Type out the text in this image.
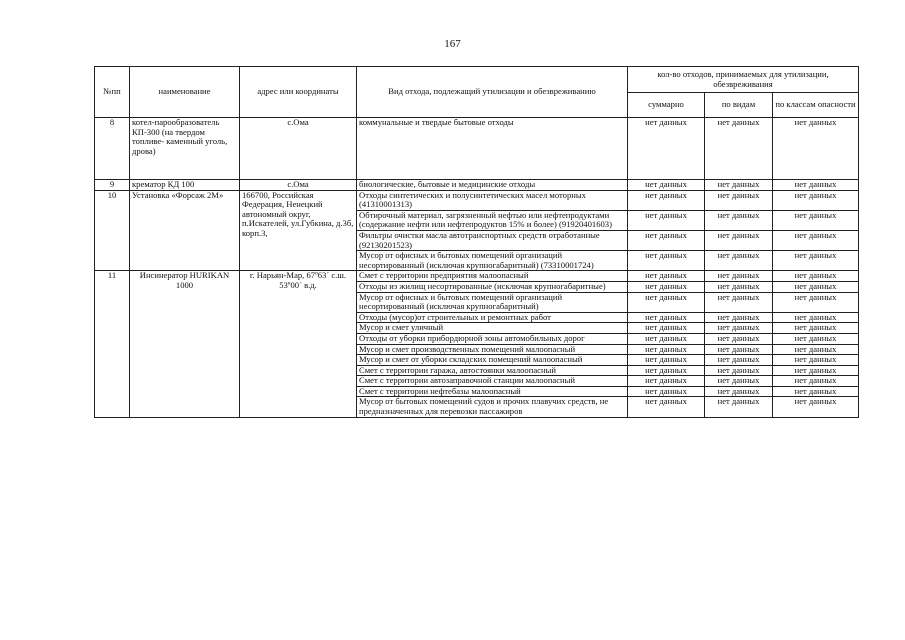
167
№пп	наименование	адрес или координаты	Вид отхода, подлежащий утилизации и обезвреживанию	кол-во отходов, принимаемых для утилизации, обезвреживания		
				суммарно	по видам	по классам опасности
8	котел-парообразователь КП-300 (на твердом топливе- каменный уголь, дрова)	с.Ома	коммунальные и твердые бытовые отходы	нет данных	нет данных	нет данных
9	крематор КД 100	с.Ома	биологические, бытовые и медицинские отходы	нет данных	нет данных	нет данных
10	Установка «Форсаж 2М»	166700, Российская Федерация, Ненецкий автономный округ, п.Искателей, ул.Губкина, д.3б, корп.3,	Отходы синтетических и полусинтетических масел моторных (41310001313)	нет данных	нет данных	нет данных
			Обтирочный материал, загрязненный нефтью или нефтепродуктами (содержание нефти или нефтепродуктов 15% и более) (91920401603)	нет данных	нет данных	нет данных
			Фильтры очистки масла автотранспортных средств отработанные (92130201523)	нет данных	нет данных	нет данных
			Мусор от офисных и бытовых помещений организаций несортированный (исключая крупногабаритный) (73310001724)	нет данных	нет данных	нет данных
11	Инсинератор HURIKAN 1000	г. Нарьян-Мар, 67º63´ с.ш. 53º00´ в.д.	Смет с территории предприятия малоопасный	нет данных	нет данных	нет данных
			Отходы из жилищ несортированные (исключая крупногабаритные)	нет данных	нет данных	нет данных
			Мусор от офисных и бытовых помещений организаций несортированный (исключая крупногабаритный)	нет данных	нет данных	нет данных
			Отходы (мусор)от строительных и ремонтных работ	нет данных	нет данных	нет данных
			Мусор и смет уличный	нет данных	нет данных	нет данных
			Отходы от уборки прибордюрной зоны автомобильных дорог	нет данных	нет данных	нет данных
			Мусор и смет производственных помещений малоопасный	нет данных	нет данных	нет данных
			Мусор и смет от уборки складских помещений малоопасный	нет данных	нет данных	нет данных
			Смет с территории гаража, автостоянки малоопасный	нет данных	нет данных	нет данных
			Смет с территории автозаправочной станции малоопасный	нет данных	нет данных	нет данных
			Смет с территории нефтебазы малоопасный	нет данных	нет данных	нет данных
			Мусор от бытовых помещений судов и прочих плавучих средств, не предназначенных для перевозки пассажиров	нет данных	нет данных	нет данных
